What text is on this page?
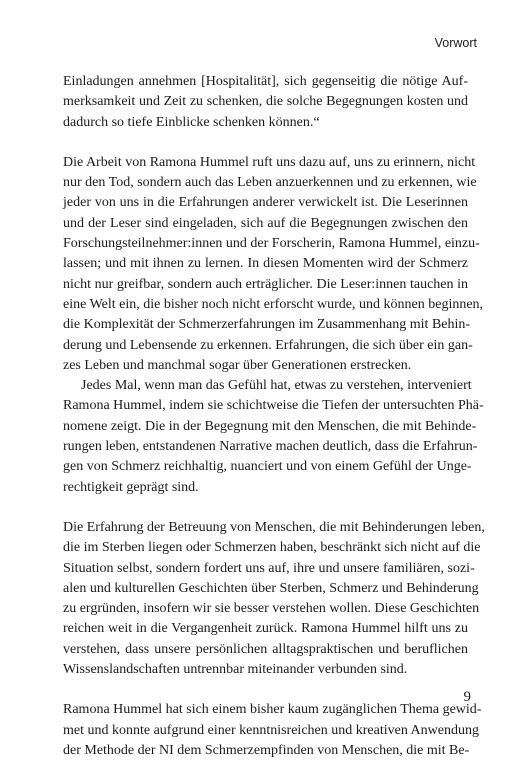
Vorwort

Einladungen annehmen [Hospitalität], sich gegenseitig die nötige Auf-
merksamkeit und Zeit zu schenken, die solche Begegnungen kosten und
dadurch so tiefe Einblicke schenken können.“

Die Arbeit von Ramona Hummel ruft uns dazu auf, uns zu erinnern, nicht
nur den Tod, sondern auch das Leben anzuerkennen und zu erkennen, wie
jeder von uns in die Erfahrungen anderer verwickelt ist. Die Leserinnen
und der Leser sind eingeladen, sich auf die Begegnungen zwischen den
Forschungsteilnehmer:innen und der Forscherin, Ramona Hummel, einzu-
lassen; und mit ihnen zu lernen. In diesen Momenten wird der Schmerz
nicht nur greifbar, sondern auch erträglicher. Die Leser:innen tauchen in
eine Welt ein, die bisher noch nicht erforscht wurde, und können beginnen,
die Komplexität der Schmerzerfahrungen im Zusammenhang mit Behin-
derung und Lebensende zu erkennen. Erfahrungen, die sich über ein gan-
zes Leben und manchmal sogar über Generationen erstrecken.

Jedes Mal, wenn man das Gefühl hat, etwas zu verstehen, interveniert
Ramona Hummel, indem sie schichtweise die Tiefen der untersuchten Phä-
nomene zeigt. Die in der Begegnung mit den Menschen, die mit Behinde-
rungen leben, entstandenen Narrative machen deutlich, dass die Erfahrun-
gen von Schmerz reichhaltig, nuanciert und von einem Gefühl der Unge-
rechtigkeit geprägt sind.

Die Erfahrung der Betreuung von Menschen, die mit Behinderungen leben,
die im Sterben liegen oder Schmerzen haben, beschränkt sich nicht auf die
Situation selbst, sondern fordert uns auf, ihre und unsere familiären, sozi-
alen und kulturellen Geschichten über Sterben, Schmerz und Behinderung
zu ergründen, insofern wir sie besser verstehen wollen. Diese Geschichten
reichen weit in die Vergangenheit zurück. Ramona Hummel hilft uns zu
verstehen, dass unsere persönlichen alltagspraktischen und beruflichen
Wissenslandschaften untrennbar miteinander verbunden sind.

Ramona Hummel hat sich einem bisher kaum zugänglichen Thema gewid-
met und konnte aufgrund einer kenntnisreichen und kreativen Anwendung
der Methode der NI dem Schmerzempfinden von Menschen, die mit Be-

9
